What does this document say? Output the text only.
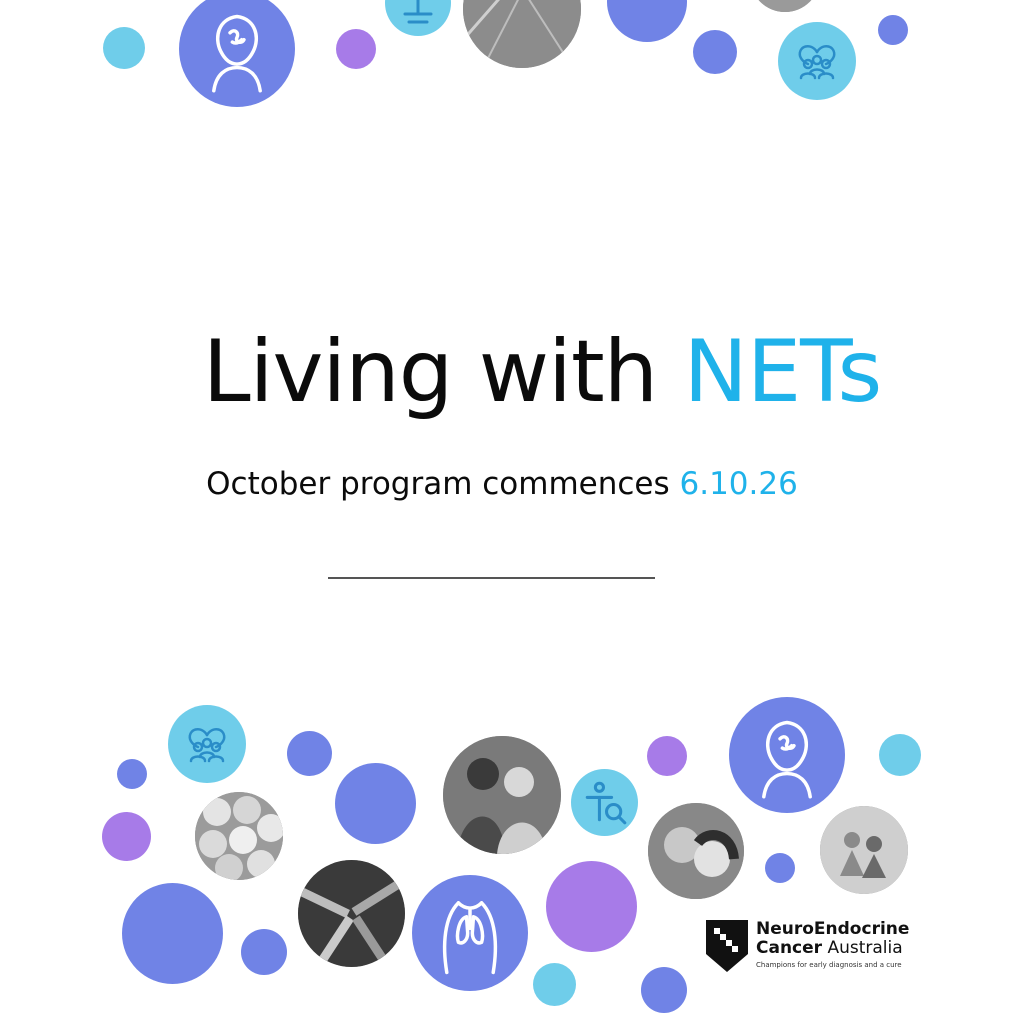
Living with NETs
October program commences 6.10.26
NeuroEndocrine
Cancer Australia
Champions for early diagnosis and a cure
